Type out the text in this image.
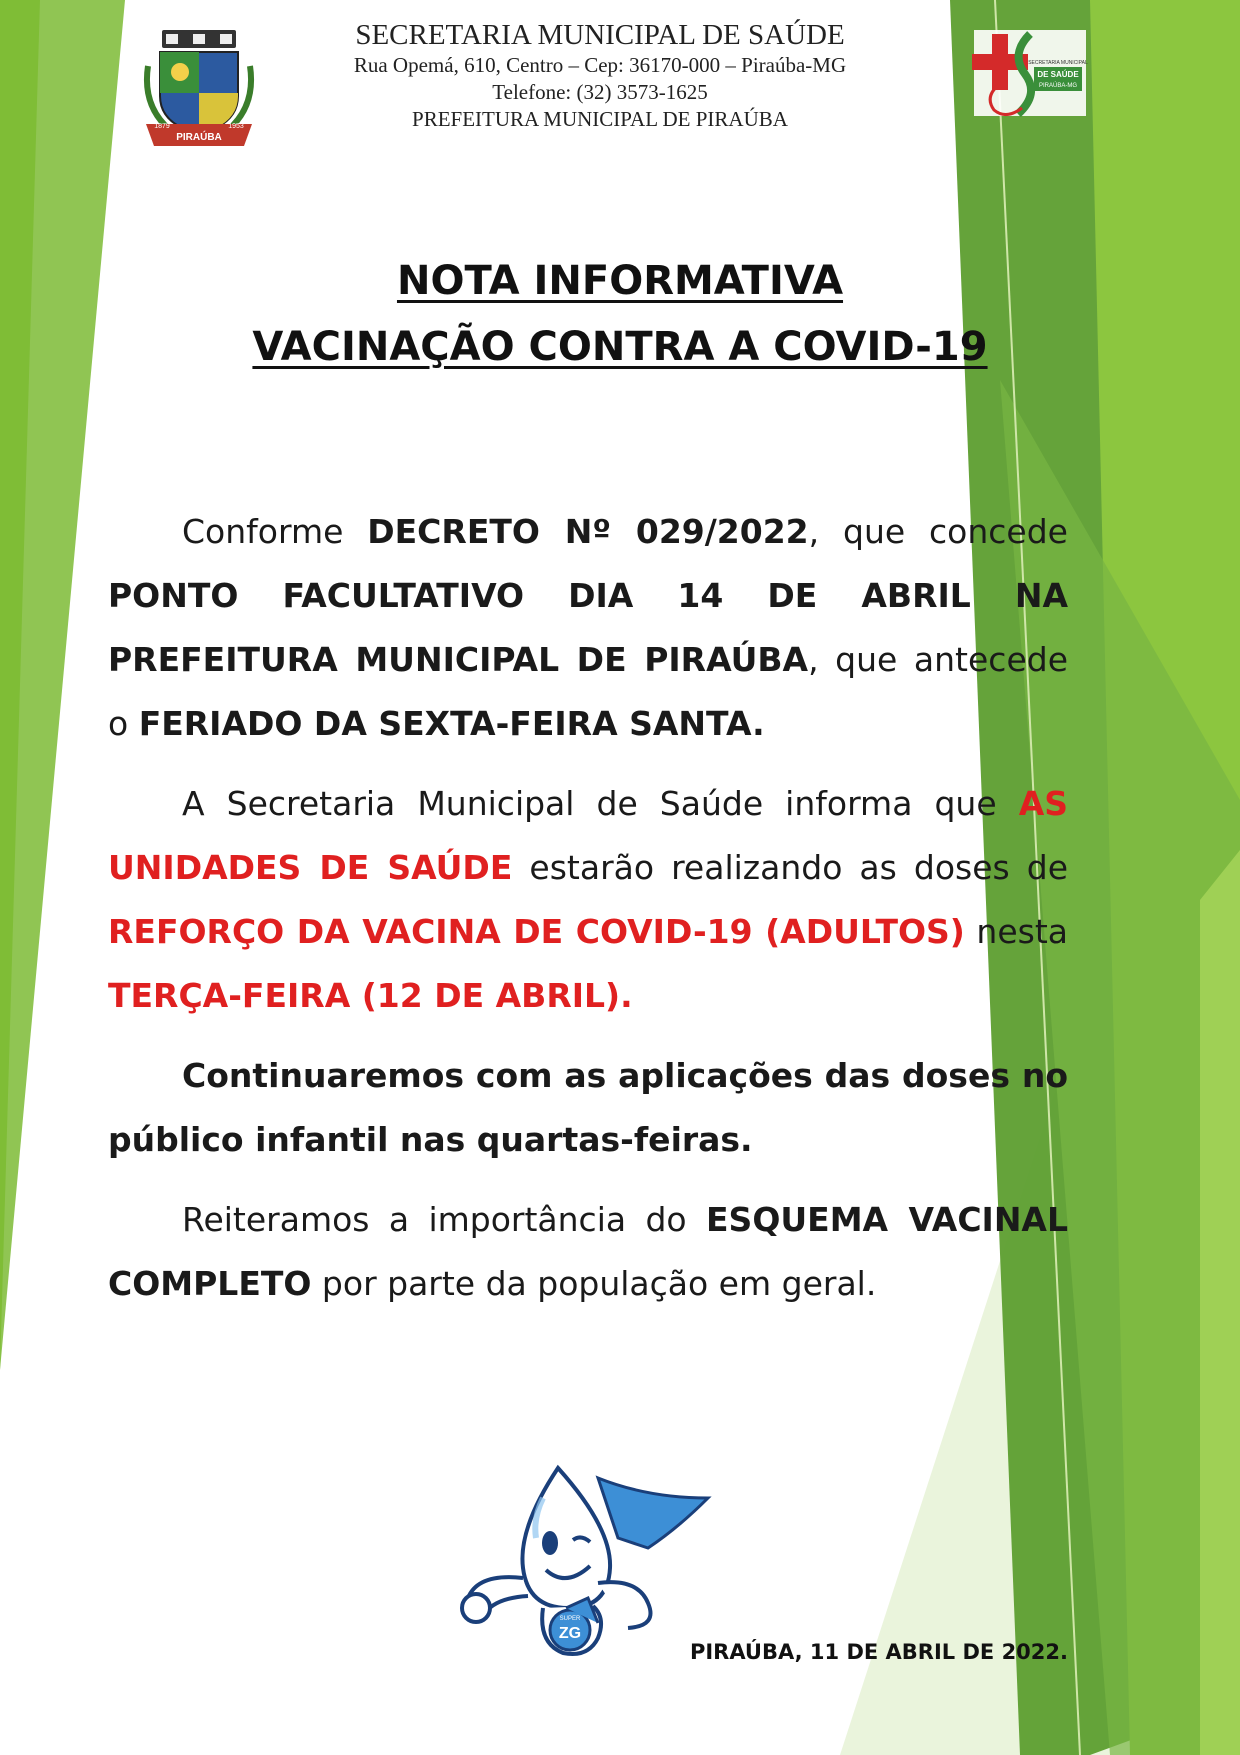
PIRAÚBA
1879	1953
SECRETARIA MUNICIPAL
DE SAÚDE
PIRAÚBA-MG
SECRETARIA MUNICIPAL DE SAÚDE
Rua Opemá, 610, Centro – Cep: 36170-000 – Piraúba-MG
Telefone: (32) 3573-1625
PREFEITURA MUNICIPAL DE PIRAÚBA
NOTA INFORMATIVA
VACINAÇÃO CONTRA A COVID-19

Conforme DECRETO Nº 029/2022, que concede PONTO FACULTATIVO DIA 14 DE ABRIL NA PREFEITURA MUNICIPAL DE PIRAÚBA, que antecede o FERIADO DA SEXTA-FEIRA SANTA.

A Secretaria Municipal de Saúde informa que AS UNIDADES DE SAÚDE estarão realizando as doses de REFORÇO DA VACINA DE COVID-19 (ADULTOS) nesta TERÇA-FEIRA (12 DE ABRIL).

Continuaremos com as aplicações das doses no público infantil nas quartas-feiras.

Reiteramos a importância do ESQUEMA VACINAL COMPLETO por parte da população em geral.

SUPER
ZG
PIRAÚBA, 11 DE ABRIL DE 2022.
